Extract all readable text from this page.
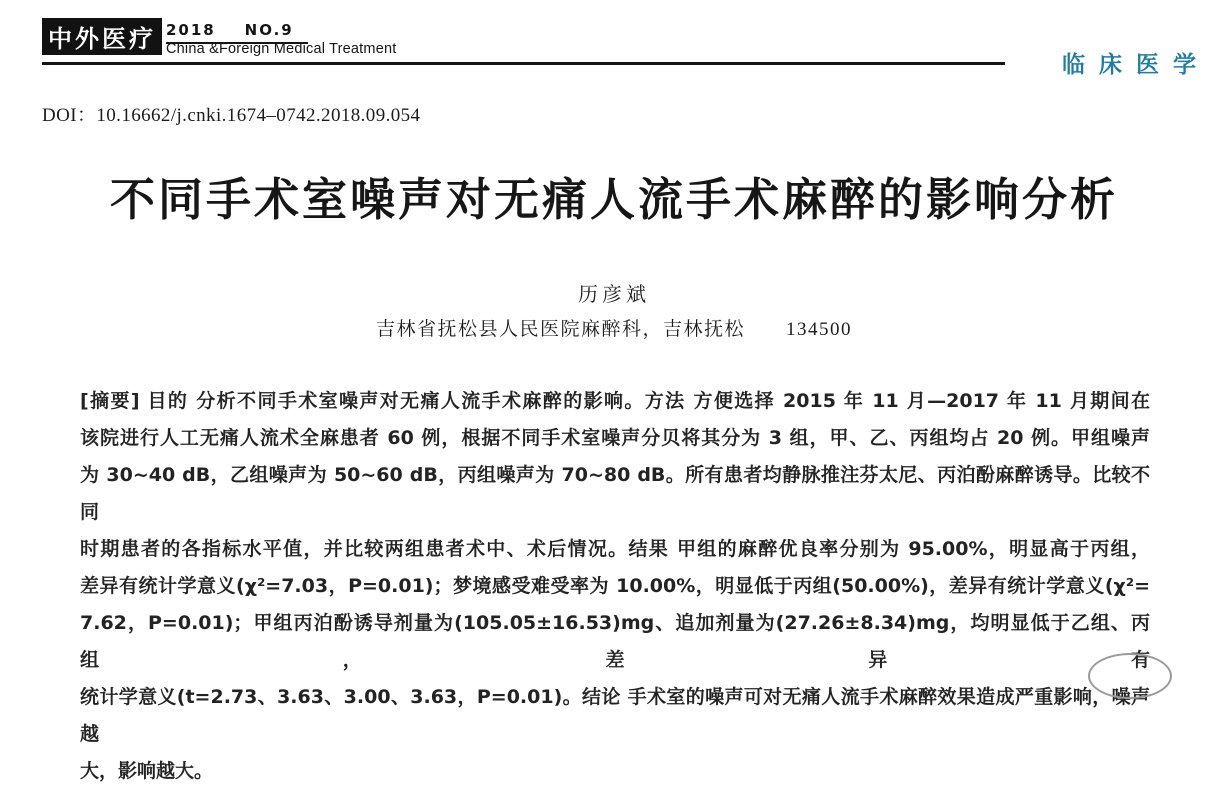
中外医疗 2018    NO.9
China &Foreign Medical Treatment
临床医学
DOI：10.16662/j.cnki.1674–0742.2018.09.054
不同手术室噪声对无痛人流手术麻醉的影响分析
历彦斌
吉林省抚松县人民医院麻醉科，吉林抚松　　134500
[摘要] 目的 分析不同手术室噪声对无痛人流手术麻醉的影响。方法 方便选择 2015 年 11 月—2017 年 11 月期间在
该院进行人工无痛人流术全麻患者 60 例，根据不同手术室噪声分贝将其分为 3 组，甲、乙、丙组均占 20 例。甲组噪声
为 30~40 dB，乙组噪声为 50~60 dB，丙组噪声为 70~80 dB。所有患者均静脉推注芬太尼、丙泊酚麻醉诱导。比较不同
时期患者的各指标水平值，并比较两组患者术中、术后情况。结果 甲组的麻醉优良率分别为 95.00%，明显高于丙组，
差异有统计学意义(χ²=7.03，P=0.01)；梦境感受难受率为 10.00%，明显低于丙组(50.00%)，差异有统计学意义(χ²=
7.62，P=0.01)；甲组丙泊酚诱导剂量为(105.05±16.53)mg、追加剂量为(27.26±8.34)mg，均明显低于乙组、丙组，差异有
统计学意义(t=2.73、3.63、3.00、3.63，P=0.01)。结论 手术室的噪声可对无痛人流手术麻醉效果造成严重影响，噪声越
大，影响越大。
